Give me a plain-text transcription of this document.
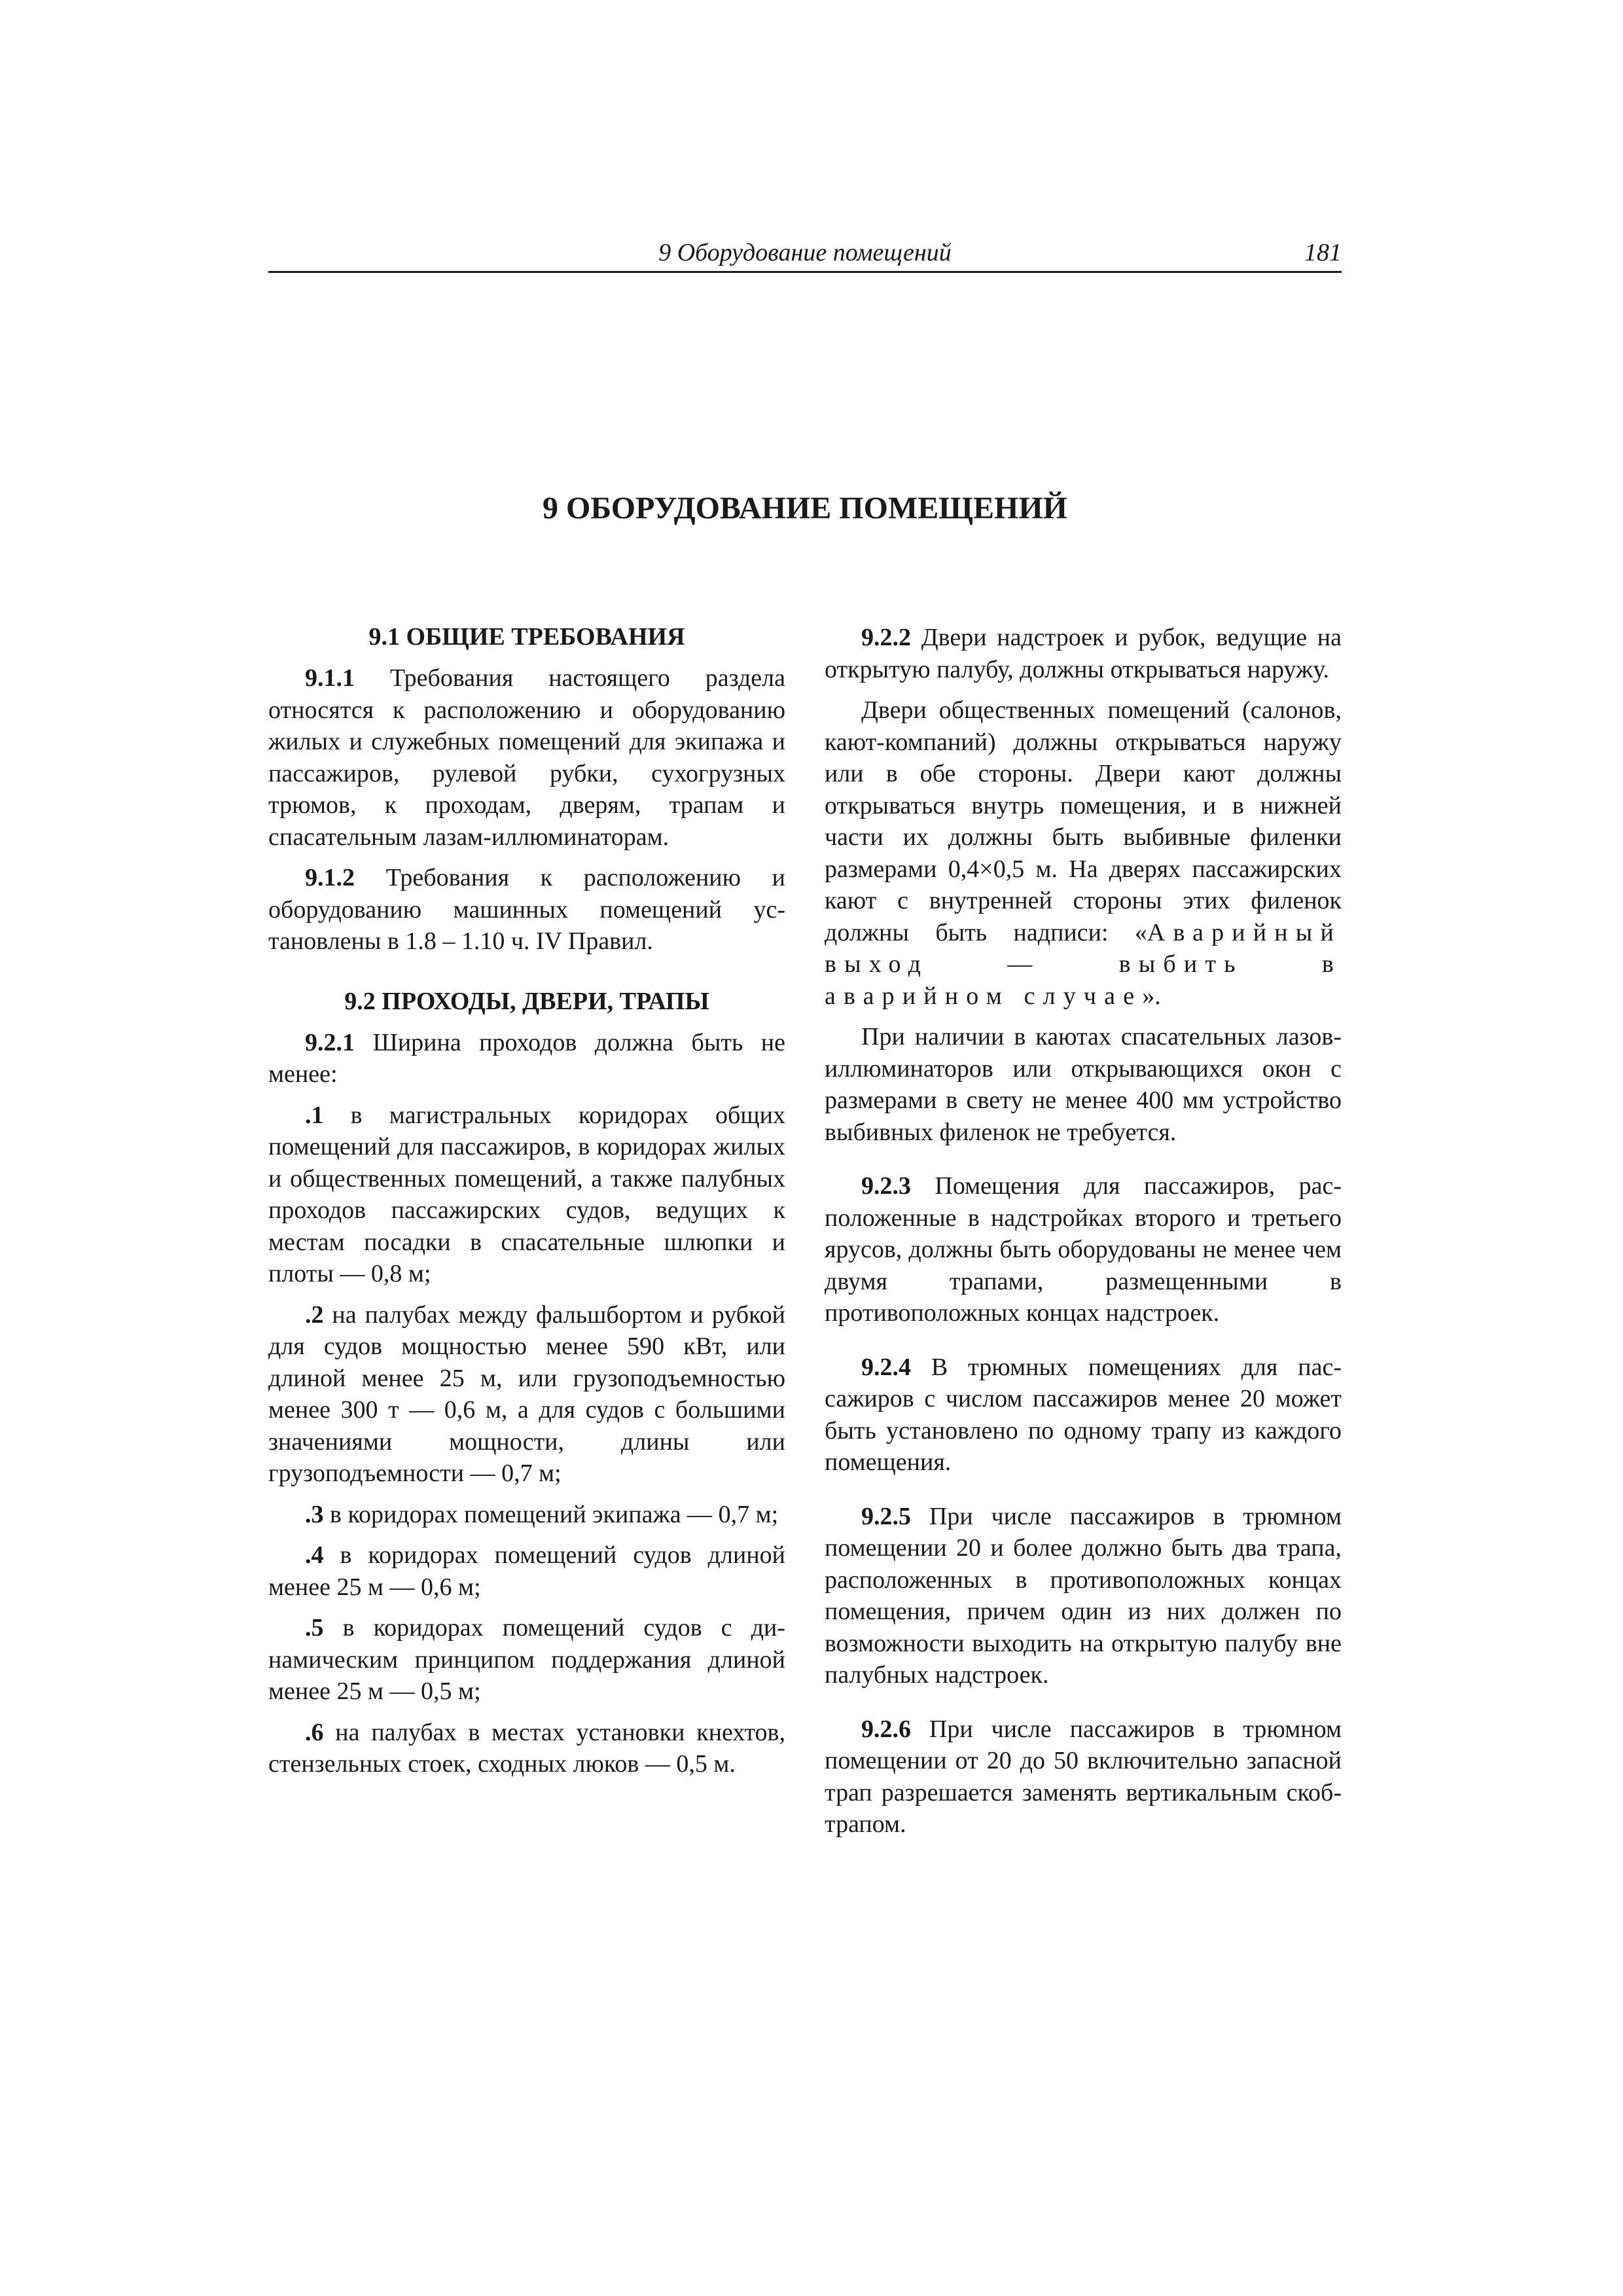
9 Оборудование помещений	181
9 ОБОРУДОВАНИЕ ПОМЕЩЕНИЙ
9.1 ОБЩИЕ ТРЕБОВАНИЯ

9.1.1 Требования настоящего раздела относятся к расположению и оборудованию жилых и служебных помещений для экипажа и пассажиров, рулевой рубки, сухогрузных трюмов, к проходам, дверям, трапам и спасательным лазам-иллюминаторам.

9.1.2 Требования к расположению и оборудованию машинных помещений установлены в 1.8 – 1.10 ч. IV Правил.

9.2 ПРОХОДЫ, ДВЕРИ, ТРАПЫ

9.2.1 Ширина проходов должна быть не менее:

.1 в магистральных коридорах общих помещений для пассажиров, в коридорах жилых и общественных помещений, а также палубных проходов пассажирских судов, ведущих к местам посадки в спасательные шлюпки и плоты — 0,8 м;

.2 на палубах между фальшбортом и рубкой для судов мощностью менее 590 кВт, или длиной менее 25 м, или грузоподъемностью менее 300 т — 0,6 м, а для судов с большими значениями мощности, длины или грузоподъемности — 0,7 м;

.3 в коридорах помещений экипажа — 0,7 м;

.4 в коридорах помещений судов длиной менее 25 м — 0,6 м;

.5 в коридорах помещений судов с динамическим принципом поддержания длиной менее 25 м — 0,5 м;

.6 на палубах в местах установки кнехтов, стензельных стоек, сходных люков — 0,5 м.

9.2.2 Двери надстроек и рубок, ведущие на открытую палубу, должны открываться наружу.

Двери общественных помещений (салонов, кают-компаний) должны открываться наружу или в обе стороны. Двери кают должны открываться внутрь помещения, и в нижней части их должны быть выбивные филенки размерами 0,4×0,5 м. На дверях пассажирских кают с внутренней стороны этих филенок должны быть надписи: «Аварийный выход — выбить в аварийном случае».

При наличии в каютах спасательных лазов-иллюминаторов или открывающихся окон с размерами в свету не менее 400 мм устройство выбивных филенок не требуется.

9.2.3 Помещения для пассажиров, расположенные в надстройках второго и третьего ярусов, должны быть оборудованы не менее чем двумя трапами, размещенными в противоположных концах надстроек.

9.2.4 В трюмных помещениях для пассажиров с числом пассажиров менее 20 может быть установлено по одному трапу из каждого помещения.

9.2.5 При числе пассажиров в трюмном помещении 20 и более должно быть два трапа, расположенных в противоположных концах помещения, причем один из них должен по возможности выходить на открытую палубу вне палубных надстроек.

9.2.6 При числе пассажиров в трюмном помещении от 20 до 50 включительно запасной трап разрешается заменять вертикальным скоб-трапом.
